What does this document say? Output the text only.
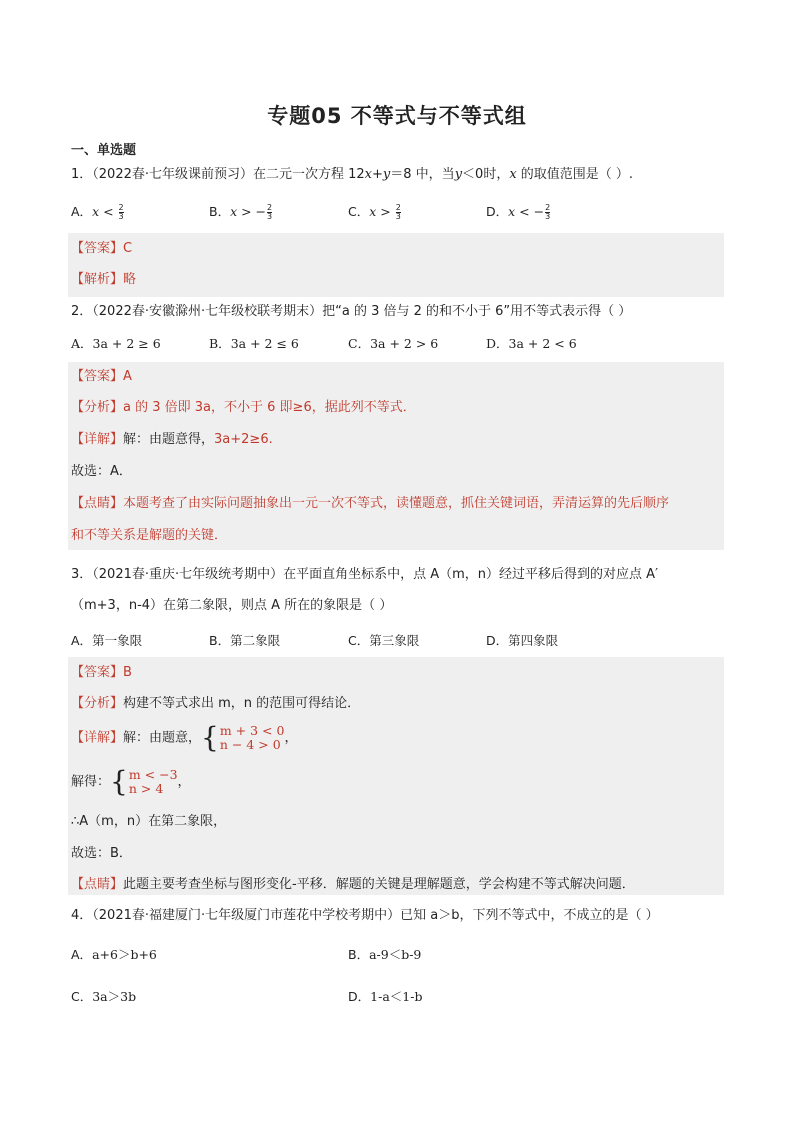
专题05 不等式与不等式组
一、单选题
1．（2022春·七年级课前预习）在二元一次方程 12x+y＝8 中，当y＜0时，x 的取值范围是（ ）.
A．$x < \frac{2}{3}$	B．x > − $\frac{2}{3}$	C．$x > \frac{2}{3}$	D．x < − $\frac{2}{3}$
【答案】C
【解析】略
2．（2022春·安徽滁州·七年级校联考期末）把“a 的 3 倍与 2 的和不小于 6”用不等式表示得（ ）
A．3a + 2 ≥ 6	B．3a + 2 ≤ 6	C．3a + 2 > 6	D．3a + 2 < 6
【答案】A
【分析】a 的 3 倍即 3a，不小于 6 即≥6，据此列不等式．
【详解】解：由题意得，3a+2≥6.
故选：A．
【点睛】本题考查了由实际问题抽象出一元一次不等式，读懂题意，抓住关键词语，弄清运算的先后顺序
和不等关系是解题的关键．
3．（2021春·重庆·七年级统考期中）在平面直角坐标系中，点 A（m，n）经过平移后得到的对应点 A′
（m+3，n-4）在第二象限，则点 A 所在的象限是（ ）
A．第一象限	B．第二象限	C．第三象限	D．第四象限
【答案】B
【分析】构建不等式求出 m，n 的范围可得结论．
【详解】解：由题意，{ m + 3 < 0
n − 4 > 0 ，
解得：{ m < −3
n > 4	，
∴A（m，n）在第二象限，
故选：B．
【点睛】此题主要考查坐标与图形变化-平移．解题的关键是理解题意，学会构建不等式解决问题．
4．（2021春·福建厦门·七年级厦门市莲花中学校考期中）已知 a＞b，下列不等式中，不成立的是（ ）
A．a+6＞b+6	B．a-9＜b-9
C．3a＞3b	D．1-a＜1-b
